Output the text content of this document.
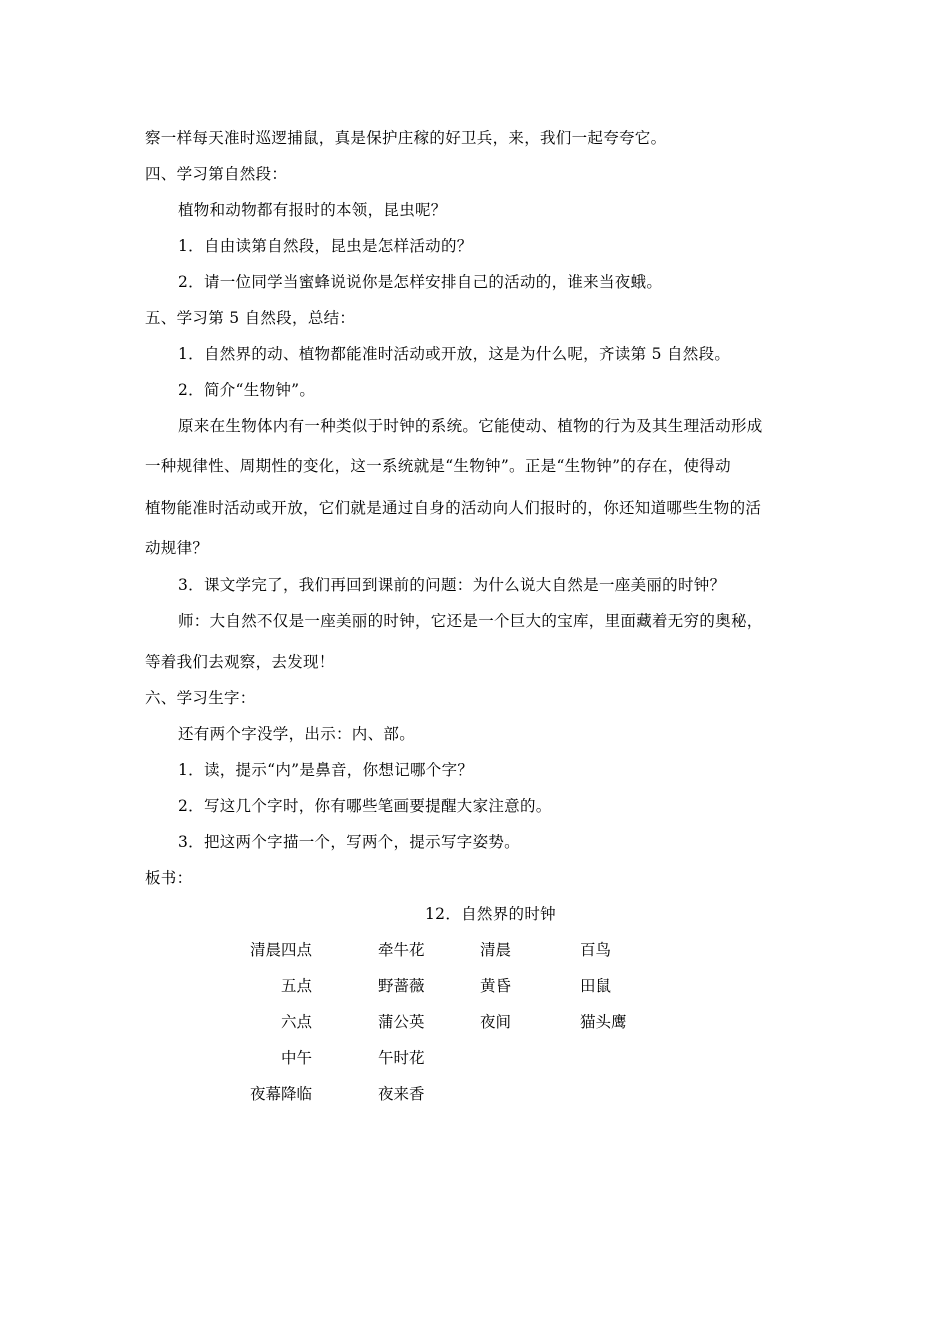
察一样每天准时巡逻捕鼠，真是保护庄稼的好卫兵，来，我们一起夸夸它。
四、学习第自然段：
植物和动物都有报时的本领，昆虫呢？
1．自由读第自然段，昆虫是怎样活动的？
2．请一位同学当蜜蜂说说你是怎样安排自己的活动的，谁来当夜蛾。
五、学习第 5 自然段，总结：
1．自然界的动、植物都能准时活动或开放，这是为什么呢，齐读第 5 自然段。
2．简介“生物钟”。
原来在生物体内有一种类似于时钟的系统。它能使动、植物的行为及其生理活动形成
一种规律性、周期性的变化，这一系统就是“生物钟”。正是“生物钟”的存在，使得动
植物能准时活动或开放，它们就是通过自身的活动向人们报时的，你还知道哪些生物的活
动规律？
3．课文学完了，我们再回到课前的问题：为什么说大自然是一座美丽的时钟？
师：大自然不仅是一座美丽的时钟，它还是一个巨大的宝库，里面藏着无穷的奥秘，
等着我们去观察，去发现！
六、学习生字：
还有两个字没学，出示：内、部。
1．读，提示“内”是鼻音，你想记哪个字？
2．写这几个字时，你有哪些笔画要提醒大家注意的。
3．把这两个字描一个，写两个，提示写字姿势。
板书：
12．自然界的时钟
清晨四点	牵牛花	清晨	百鸟
五点	野蔷薇	黄昏	田鼠
六点	蒲公英	夜间	猫头鹰
中午	午时花
夜幕降临	夜来香
